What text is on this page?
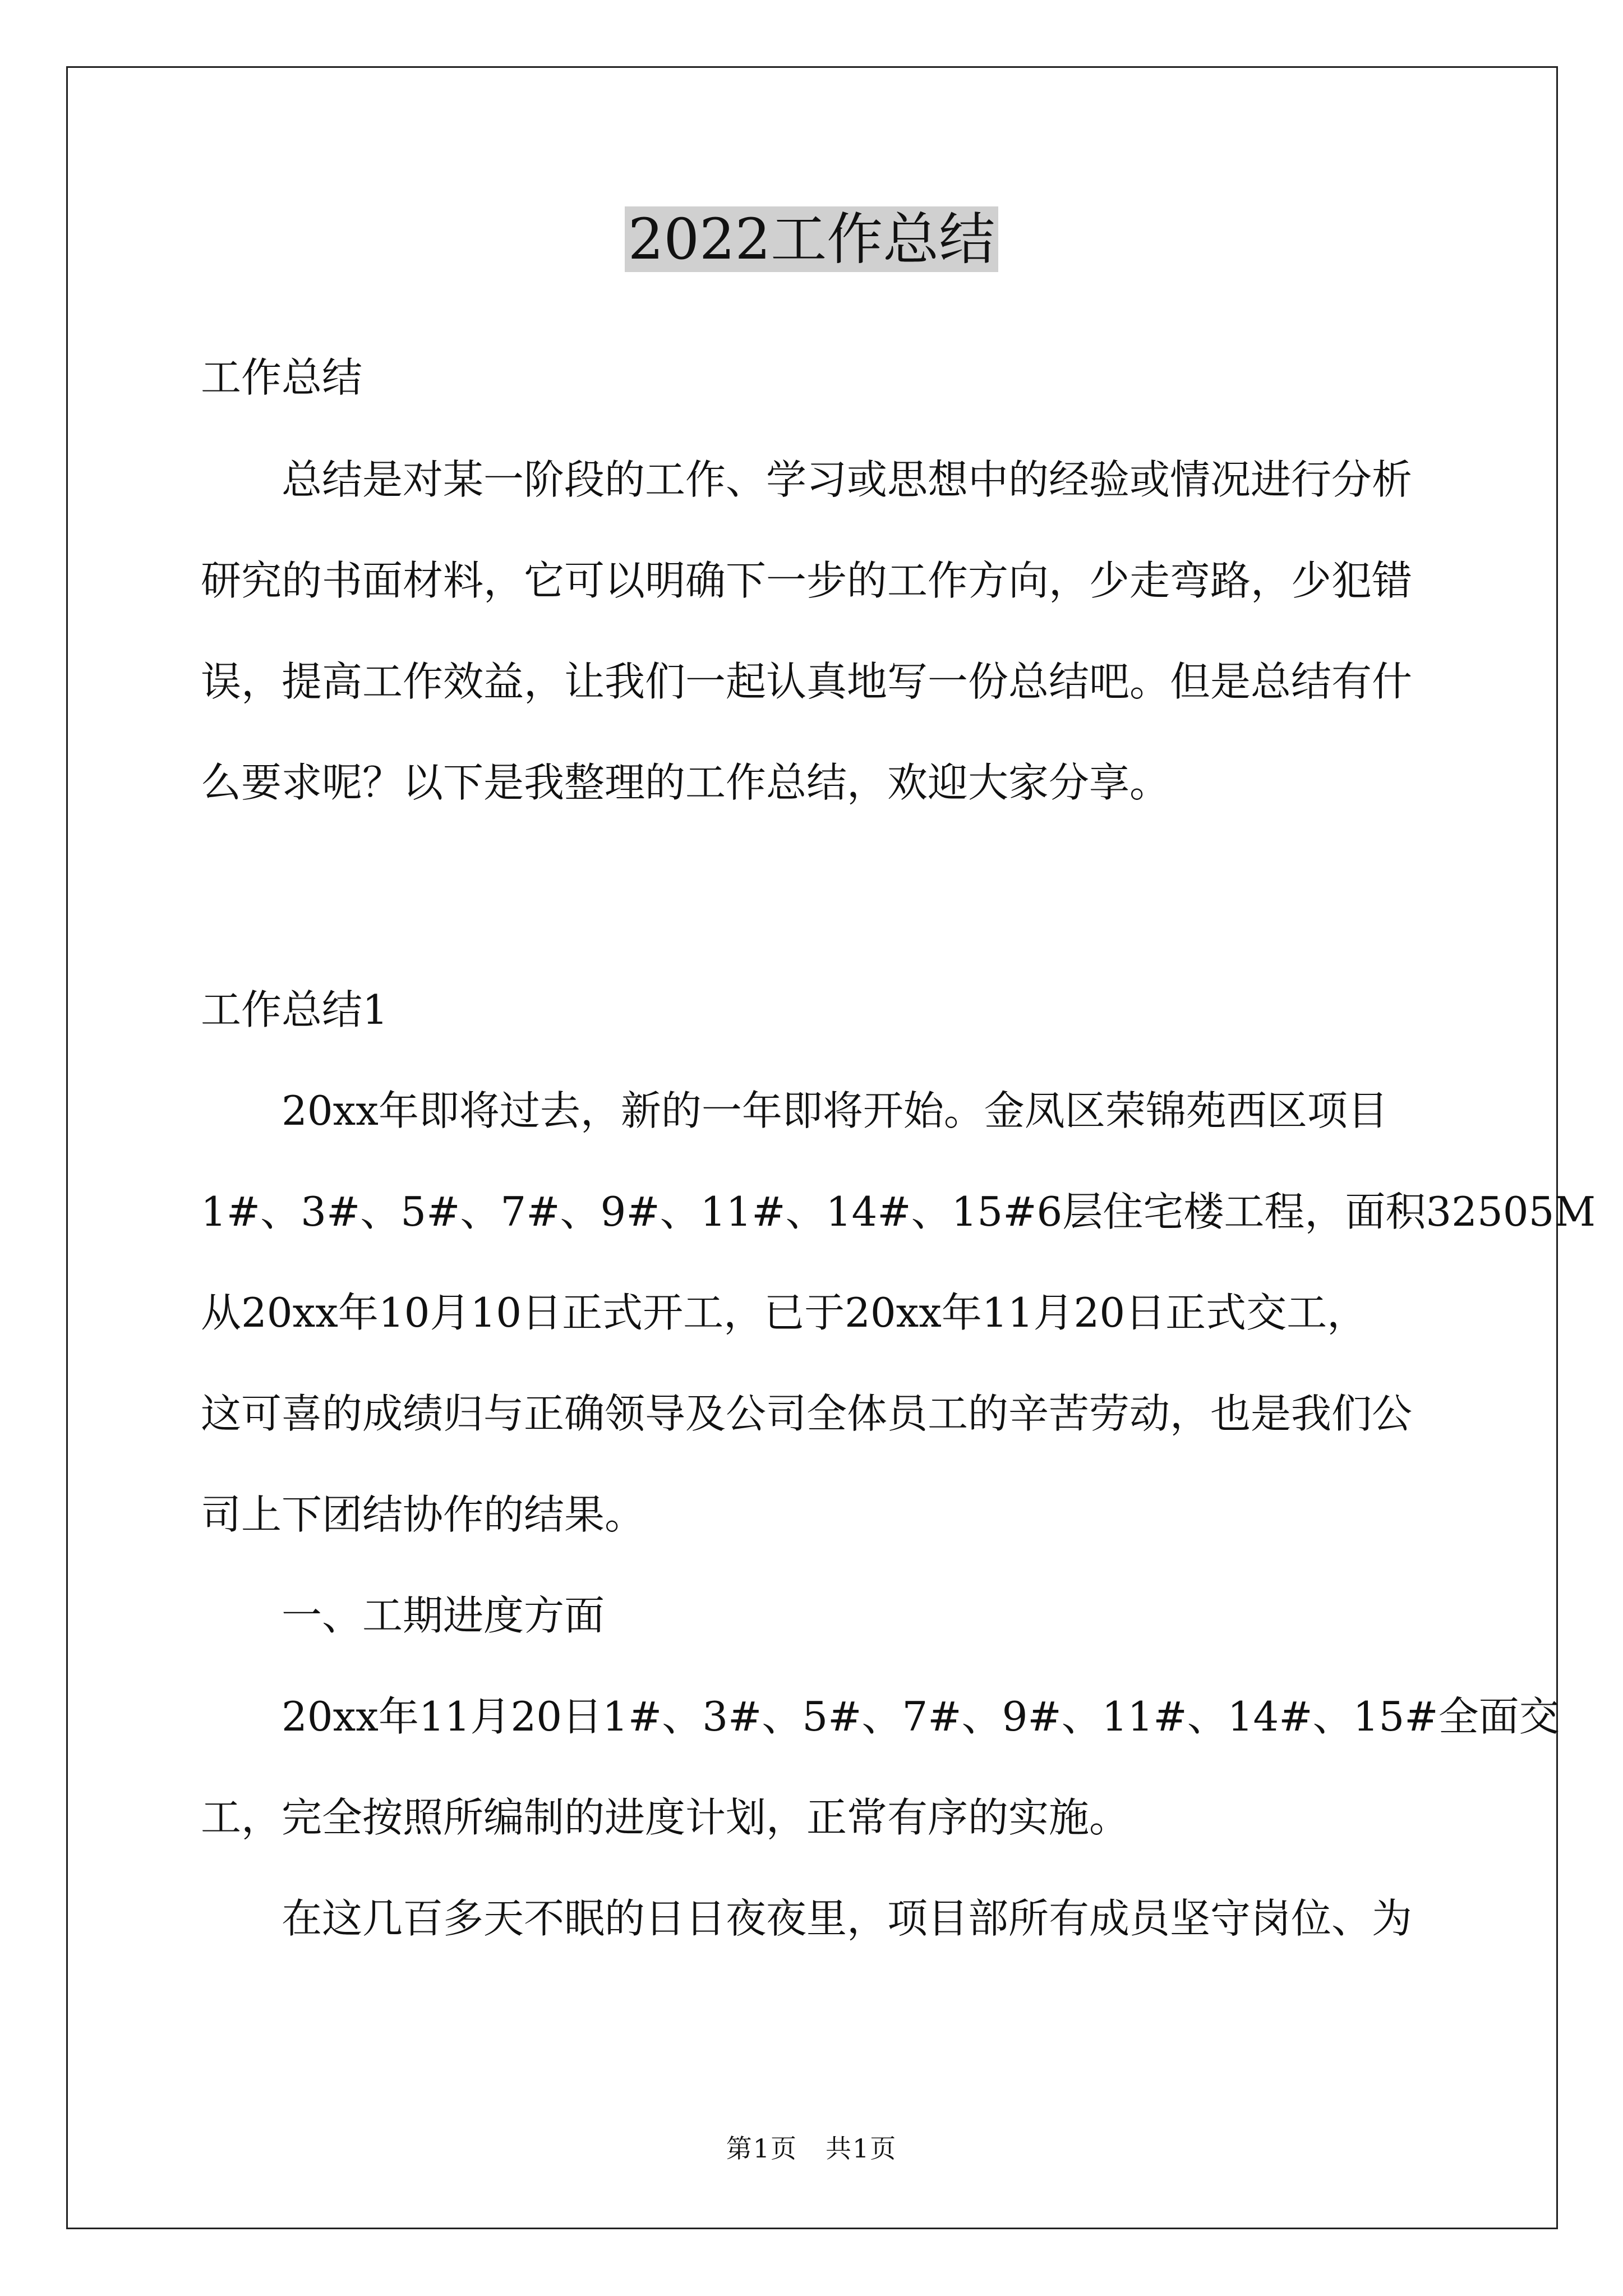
2022工作总结

工作总结

总结是对某一阶段的工作、学习或思想中的经验或情况进行分析

研究的书面材料，它可以明确下一步的工作方向，少走弯路，少犯错

误，提高工作效益，让我们一起认真地写一份总结吧。但是总结有什

么要求呢？以下是我整理的工作总结，欢迎大家分享。

工作总结1

20xx年即将过去，新的一年即将开始。金凤区荣锦苑西区项目

1#、3#、5#、7#、9#、11#、14#、15#6层住宅楼工程，面积32505M

从20xx年10月10日正式开工，已于20xx年11月20日正式交工，

这可喜的成绩归与正确领导及公司全体员工的辛苦劳动，也是我们公

司上下团结协作的结果。

一、工期进度方面

20xx年11月20日1#、3#、5#、7#、9#、11#、14#、15#全面交

工，完全按照所编制的进度计划，正常有序的实施。

在这几百多天不眠的日日夜夜里，项目部所有成员坚守岗位、为

第1页 共1页
